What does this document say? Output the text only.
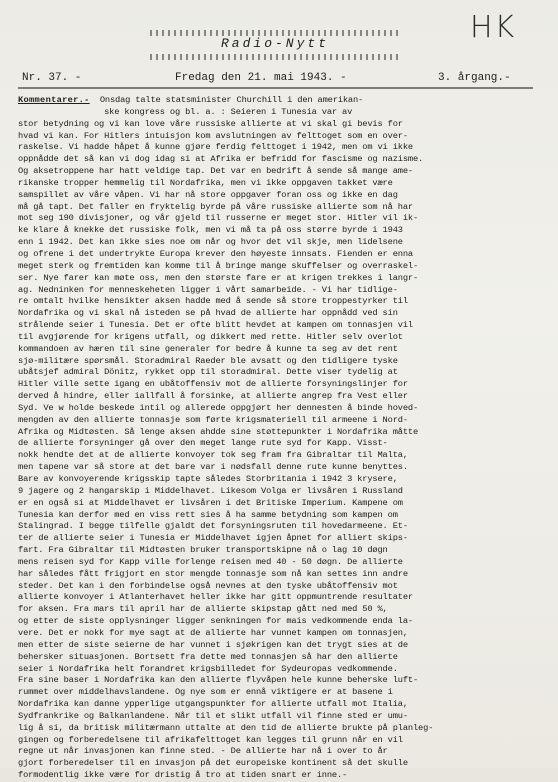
HK
Radio-Nytt
Nr. 37. -	Fredag den 21. mai 1943. -	3. årgang.-
Kommentarer.- Onsdag talte statsminister Churchill i den amerikan-
ske kongress og bl. a. : Seieren i Tunesia var av
stor betydning og vi kan love våre russiske allierte at vi skal gi bevis for
hvad vi kan. For Hitlers intuisjon kom avslutningen av felttoget som en over-
raskelse. Vi hadde håpet å kunne gjøre ferdig felttoget i 1942, men om vi ikke
oppnådde det så kan vi dog idag si at Afrika er befridd for fascisme og nazisme.
Og aksetroppene har hatt veldige tap. Det var en bedrift å sende så mange ame-
rikanske tropper hemmelig til Nordafrika, men vi ikke oppgaven takket være
samspillet av våre våpen. Vi har nå store oppgaver foran oss og ikke en dag
må gå tapt. Det faller en fryktelig byrde på våre russiske allierte som nå har
mot seg 190 divisjoner, og vår gjeld til russerne er meget stor. Hitler vil ik-
ke klare å knekke det russiske folk, men vi må ta på oss større byrde i 1943
enn i 1942. Det kan ikke sies noe om når og hvor det vil skje, men lidelsene
og ofrene i det undertrykte Europa krever den høyeste innsats. Fienden er enna
meget sterk og fremtiden kan komme til å bringe mange skuffelser og overraskel-
ser. Nye farer kan møte oss, men den største fare er at krigen trekkes i langr-
ag. Nedninken for menneskeheten ligger i vårt samarbeide. - Vi har tidlige-
re omtalt hvilke hensikter aksen hadde med å sende så store troppestyrker til
Nordafrika og vi skal nå isteden se på hvad de allierte har oppnådd ved sin
strålende seier i Tunesia. Det er ofte blitt hevdet at kampen om tonnasjen vil
til avgjørende for krigens utfall, og dikkert med rette. Hitler selv overlot
kommandoen av hæren til sine generaler for bedre å kunne ta seg av det rent
sjø-militære spørsmål. Storadmiral Raeder ble avsatt og den tidligere tyske
ubåtsjef admiral Dönitz, rykket opp til storadmiral. Dette viser tydelig at
Hitler ville sette igang en ubåtoffensiv mot de allierte forsyningslinjer for
derved å hindre, eller iallfall å forsinke, at allierte angrep fra Vest eller
Syd. Ve w holde beskede intil og allerede oppgjørt her dennesten å binde hoved-
mengden av den allierte tonnasje som førte krigsmateriell til armeene i Nord-
Afrika og Midtøsten. Så lenge aksen ahdde sine støttepunkter i Nordafrika måtte
de allierte forsyninger gå over den meget lange rute syd for Kapp. Visst-
nokk hendte det at de allierte konvoyer tok seg fram fra Gibraltar til Malta,
men tapene var så store at det bare var i nødsfall denne rute kunne benyttes.
Bare av konvoyerende krigsskip tapte således Storbritania i 1942 3 krysere,
9 jagere og 2 hangarskip i Middelhavet. Likesom Volga er livsåren i Russland
er en også si at Middelhavet er livsåren i det Britiske Imperium. Kampene om
Tunesia kan derfor med en viss rett sies å ha samme betydning som kampen om
Stalingrad. I begge tilfelle gjaldt det forsyningsruten til hovedarmeene. Et-
ter de allierte seier i Tunesia er Middelhavet igjen åpnet for alliert skips-
fart. Fra Gibraltar til Midtøsten bruker transportskipne nå o lag 10 døgn
mens reisen syd for Kapp ville forlenge reisen med 40 - 50 døgn. De allierte
har således fått frigjort en stor mengde tonnasje som nå kan settes inn andre
steder. Det kan i den forbindelse også nevnes at den tyske ubåtoffensiv mot
allierte konvoyer i Atlanterhavet heller ikke har gitt oppmuntrende resultater
for aksen. Fra mars til april har de allierte skipstap gått ned med 50 %,
og etter de siste opplysninger ligger senkningen for mais vedkommende enda la-
vere. Det er nokk for mye sagt at de allierte har vunnet kampen om tonnasjen,
men etter de siste seierne de har vunnet i sjøkrigen kan det trygt sies at de
behersker situasjonen. Bortsett fra dette med tonnasjen så har den allierte
seier i Nordafrika helt forandret krigsbilledet for Sydeuropas vedkommende.
Fra sine baser i Nordafrika kan den allierte flyvåpen hele kunne beherske luft-
rummet over middelhavslandene. Og nye som er ennå viktigere er at basene i
Nordafrika kan danne ypperlige utgangspunkter for allierte utfall mot Italia,
Sydfrankrike og Balkanlandene. Når til et slikt utfall vil finne sted er umu-
lig å si, da britisk militærmann uttalte at den tid de allierte brukte på planleg-
gingen og forberedelsene til afrikafelttoget kan legges til grunn når en vil
regne ut når invasjonen kan finne sted. - De allierte har nå i over to år
gjort forberedelser til en invasjon på det europeiske kontinent så det skulle
formodentlig ikke være for dristig å tro at tiden snart er inne.-
